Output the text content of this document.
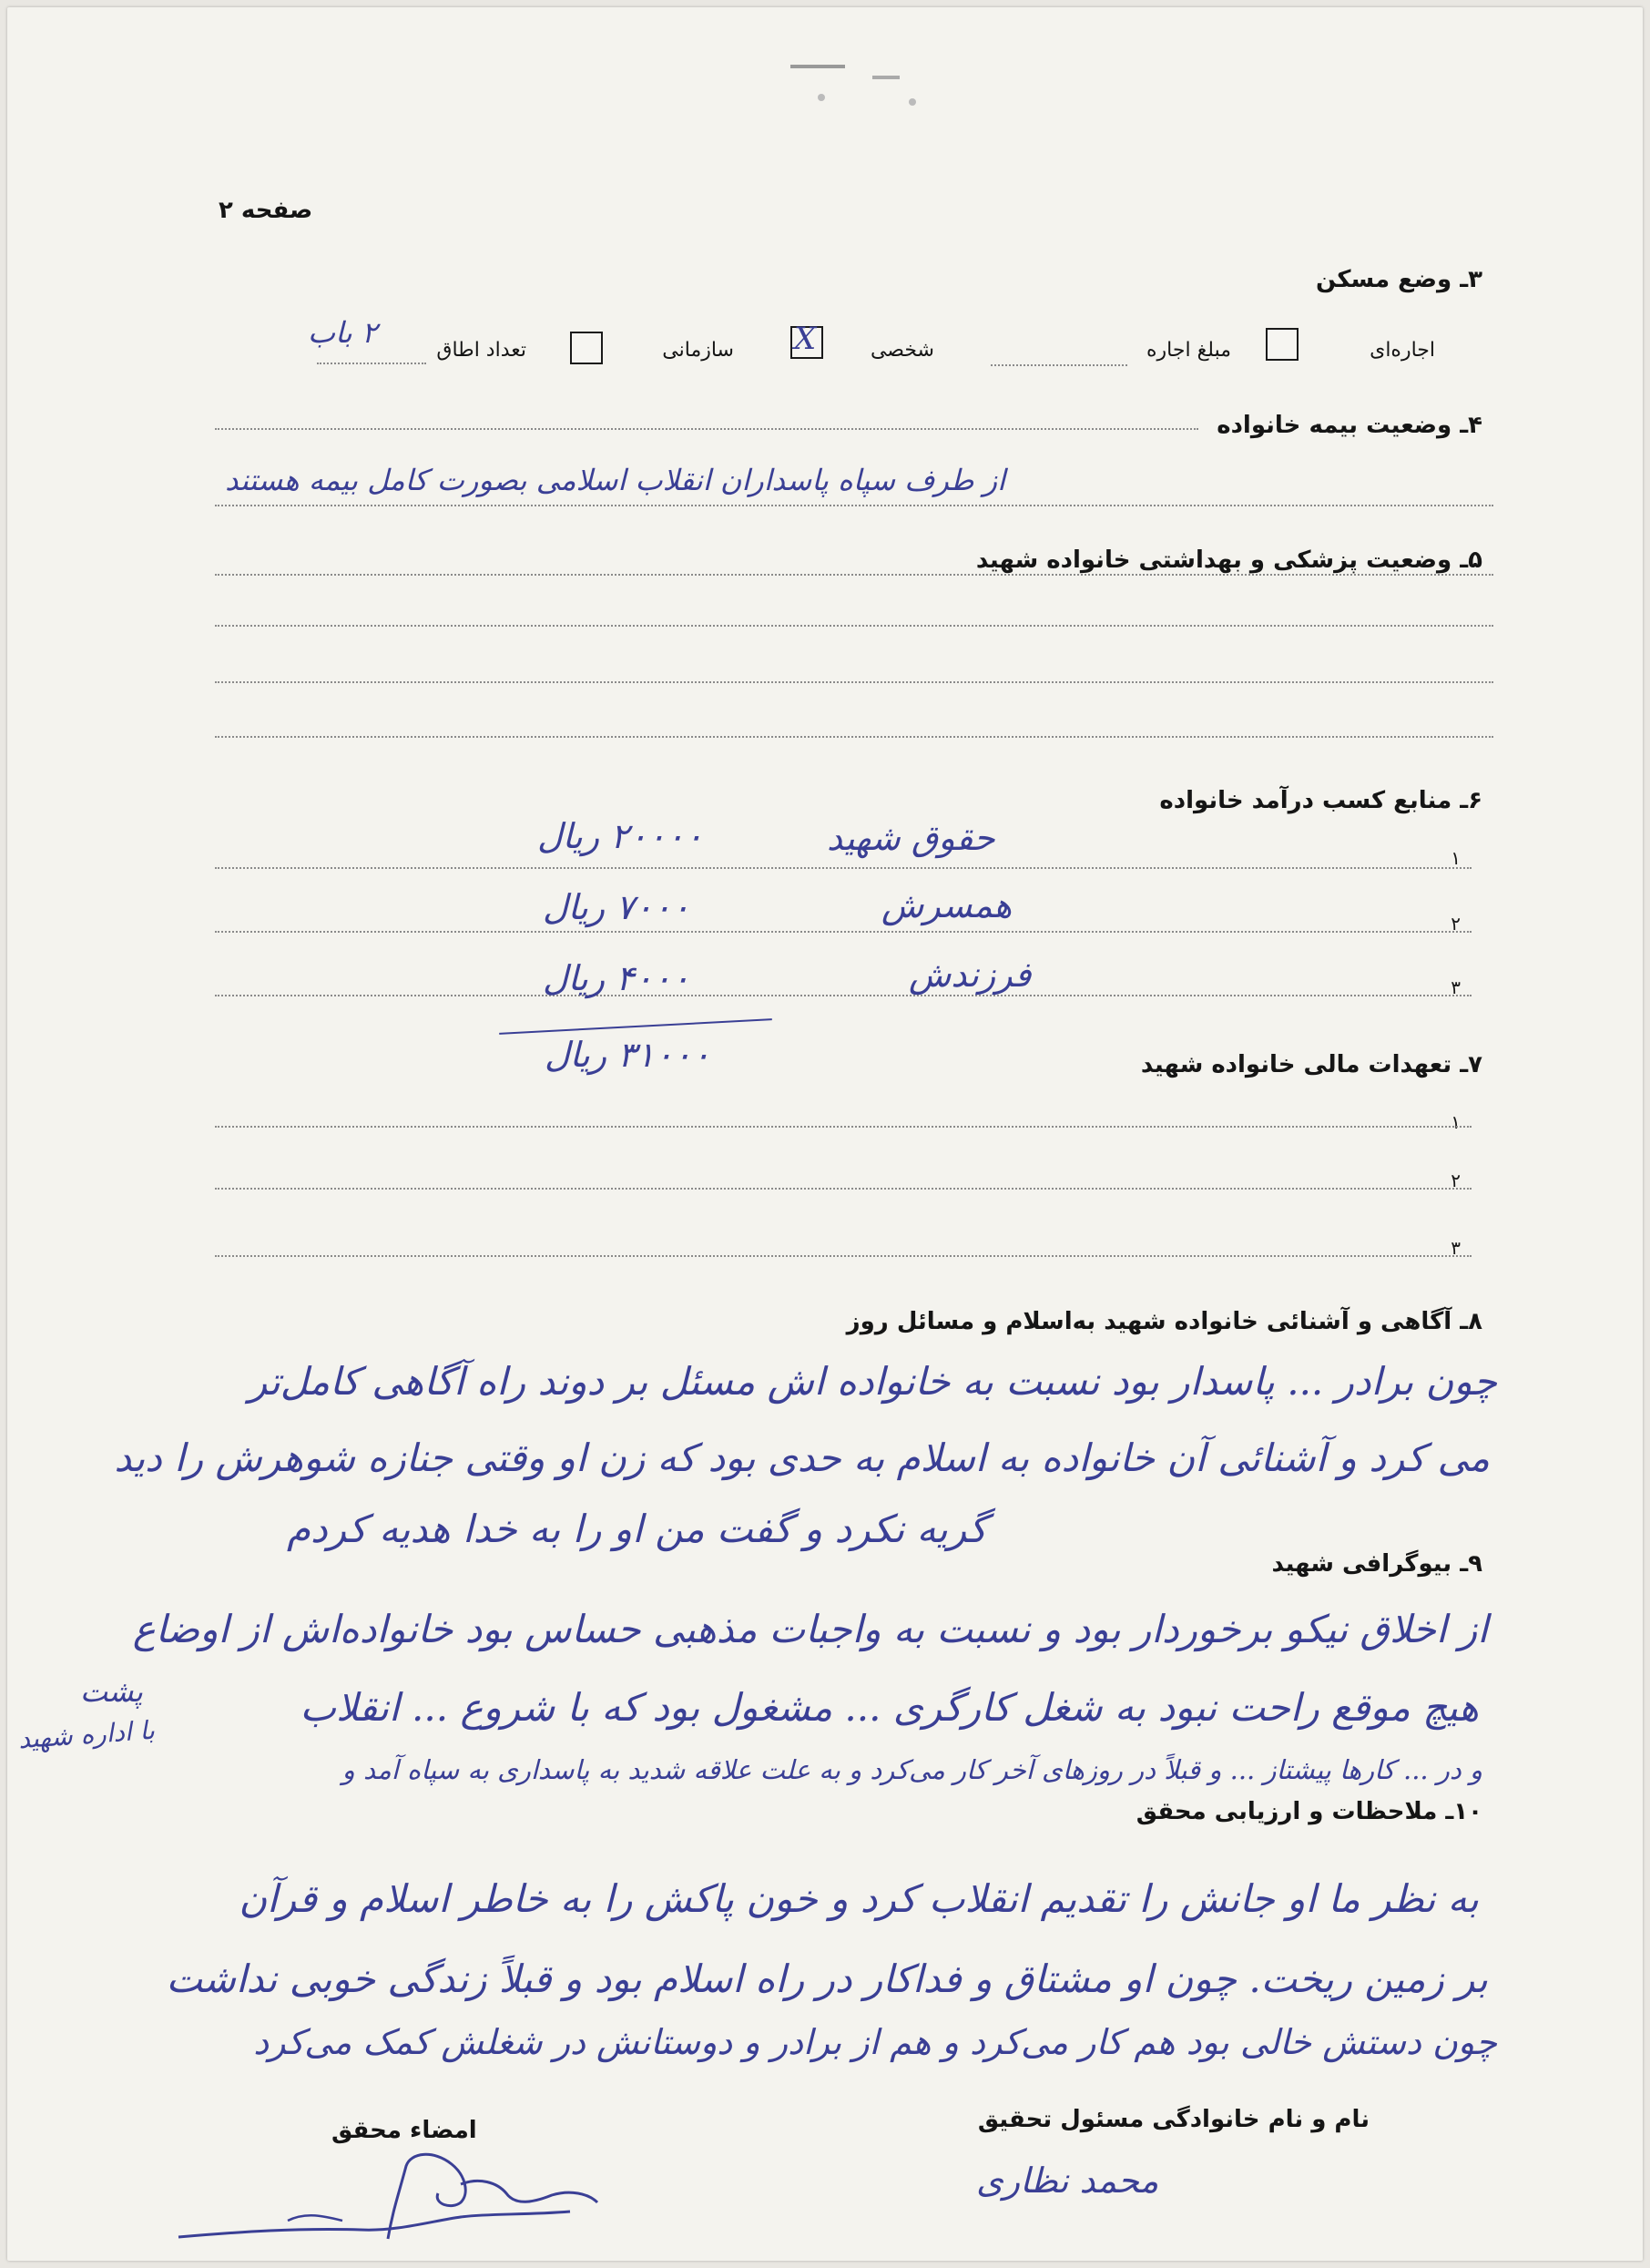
صفحه ۲
۳ـ وضع مسکن
اجاره‌ای
مبلغ اجاره
شخصی
X
سازمانی
تعداد اطاق
۲ باب
۴ـ وضعیت بیمه خانواده
از طرف سپاه پاسداران انقلاب اسلامی بصورت کامل بیمه هستند
۵ـ وضعیت پزشکی و بهداشتی خانواده شهید
۶ـ منابع کسب درآمد خانواده
۱
حقوق شهید
۲۰۰۰۰ ریال
۲
همسرش
۷۰۰۰ ریال
۳
فرزندش
۴۰۰۰ ریال
۳۱۰۰۰ ریال	۷ـ تعهدات مالی خانواده شهید
۱
۲
۳
۸ـ آگاهی و آشنائی خانواده شهید به‌اسلام و مسائل روز
چون برادر ... پاسدار بود نسبت به خانواده اش مسئل بر دوند راه آگاهی کامل‌تر
می کرد و آشنائی آن خانواده به اسلام به حدی بود که زن او وقتی جنازه شوهرش را دید
گریه نکرد و گفت من او را به خدا هدیه کردم
۹ـ بیوگرافی شهید
از اخلاق نیکو برخوردار بود و نسبت به واجبات مذهبی حساس بود خانواده‌اش از اوضاع
هیچ موقع راحت نبود به شغل کارگری ... مشغول بود که با شروع ... انقلاب
و در ... کارها پیشتاز ... و قبلاً در روزهای آخر کار می‌کرد و به علت علاقه شدید به پاسداری به سپاه آمد و
پشت
با اداره شهید
۱۰ـ ملاحظات و ارزیابی محقق
به نظر ما او جانش را تقدیم انقلاب کرد و خون پاکش را به خاطر اسلام و قرآن
بر زمین ریخت. چون او مشتاق و فداکار در راه اسلام بود و قبلاً زندگی خوبی نداشت
چون دستش خالی بود هم کار می‌کرد و هم از برادر و دوستانش در شغلش کمک می‌کرد
نام و نام خانوادگی مسئول تحقیق
محمد نظاری
امضاء محقق
